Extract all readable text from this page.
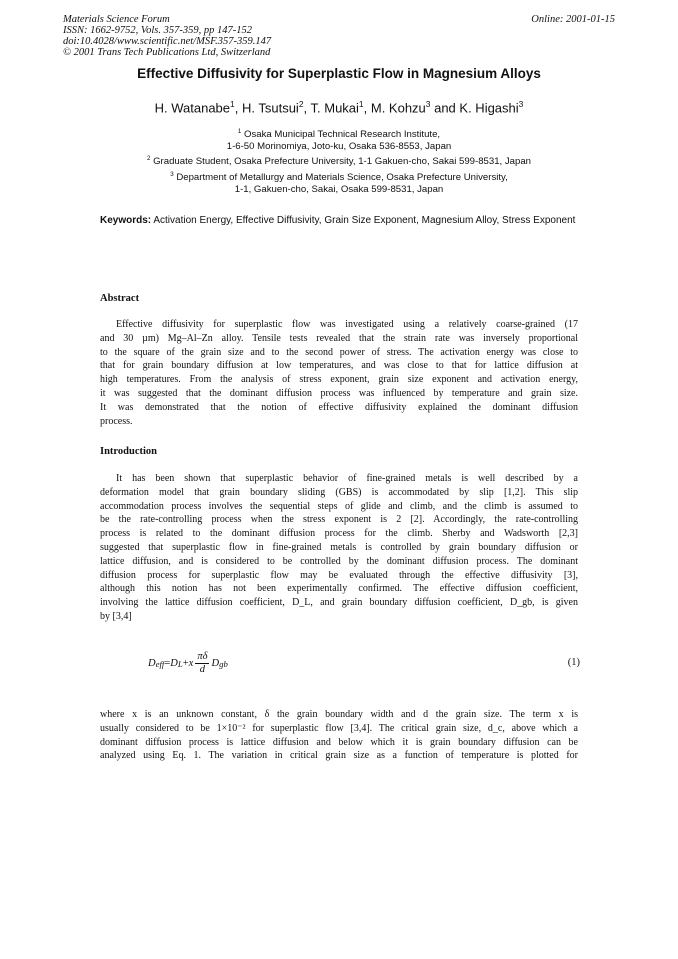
Materials Science Forum
ISSN: 1662-9752, Vols. 357-359, pp 147-152
doi:10.4028/www.scientific.net/MSF.357-359.147
© 2001 Trans Tech Publications Ltd, Switzerland
Online: 2001-01-15
Effective Diffusivity for Superplastic Flow in Magnesium Alloys
H. Watanabe$^1$, H. Tsutsui$^2$, T. Mukai$^1$, M. Kohzu$^3$ and K. Higashi$^3$
$^1$ Osaka Municipal Technical Research Institute,
1-6-50 Morinomiya, Joto-ku, Osaka 536-8553, Japan
$^2$ Graduate Student, Osaka Prefecture University, 1-1 Gakuen-cho, Sakai 599-8531, Japan
$^3$ Department of Metallurgy and Materials Science, Osaka Prefecture University,
1-1, Gakuen-cho, Sakai, Osaka 599-8531, Japan
Keywords: Activation Energy, Effective Diffusivity, Grain Size Exponent, Magnesium Alloy, Stress Exponent
Abstract
Effective diffusivity for superplastic flow was investigated using a relatively coarse-grained (17
and 30 µm) Mg–Al–Zn alloy. Tensile tests revealed that the strain rate was inversely proportional
to the square of the grain size and to the second power of stress. The activation energy was close to
that for grain boundary diffusion at low temperatures, and was close to that for lattice diffusion at
high temperatures. From the analysis of stress exponent, grain size exponent and activation energy,
it was suggested that the dominant diffusion process was influenced by temperature and grain size.
It was demonstrated that the notion of effective diffusivity explained the dominant diffusion
process.
Introduction
It has been shown that superplastic behavior of fine-grained metals is well described by a
deformation model that grain boundary sliding (GBS) is accommodated by slip [1,2]. This slip
accommodation process involves the sequential steps of glide and climb, and the climb is assumed to
be the rate-controlling process when the stress exponent is 2 [2]. Accordingly, the rate-controlling
process is related to the dominant diffusion process for the climb. Sherby and Wadsworth [2,3]
suggested that superplastic flow in fine-grained metals is controlled by grain boundary diffusion or
lattice diffusion, and is considered to be controlled by the dominant diffusion process. The dominant
diffusion process for superplastic flow may be evaluated through the effective diffusivity [3],
although this notion has not been experimentally confirmed. The effective diffusion coefficient,
involving the lattice diffusion coefficient, D_L, and grain boundary diffusion coefficient, D_gb, is given
by [3,4]
D eff = D L + x $\frac{\pi\delta}{d}$ D gb	(1)
where x is an unknown constant, δ the grain boundary width and d the grain size. The term x is
usually considered to be 1×10⁻² for superplastic flow [3,4]. The critical grain size, d_c, above which a
dominant diffusion process is lattice diffusion and below which it is grain boundary diffusion can be
analyzed using Eq. 1. The variation in critical grain size as a function of temperature is plotted for
